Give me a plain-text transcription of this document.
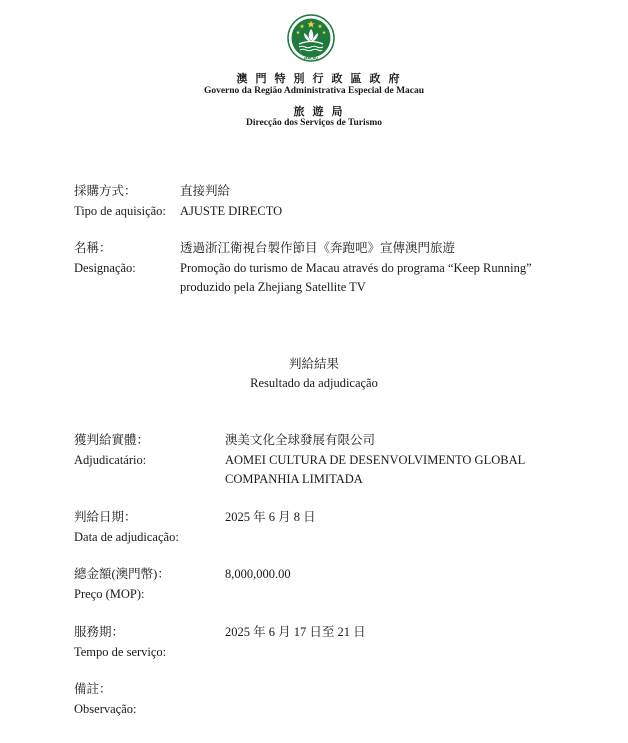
MACAU
澳門特別行政區政府
Governo da Região Administrativa Especial de Macau
旅遊局
Direcção dos Serviços de Turismo
採購方式：	直接判給
Tipo de aquisição: AJUSTE DIRECTO
名稱：	透過浙江衛視台製作節目《奔跑吧》宣傳澳門旅遊
Designação:	Promoção do turismo de Macau através do programa “Keep Running”
produzido pela Zhejiang Satellite TV
判給結果
Resultado da adjudicação
獲判給實體：	澳美文化全球發展有限公司
Adjudicatário:	AOMEI CULTURA DE DESENVOLVIMENTO GLOBAL
COMPANHIA LIMITADA
判給日期：	2025 年 6 月 8 日
Data de adjudicação:
總金額(澳門幣)：	8,000,000.00
Preço (MOP):
服務期：	2025 年 6 月 17 日至 21 日
Tempo de serviço:
備註：
Observação:
